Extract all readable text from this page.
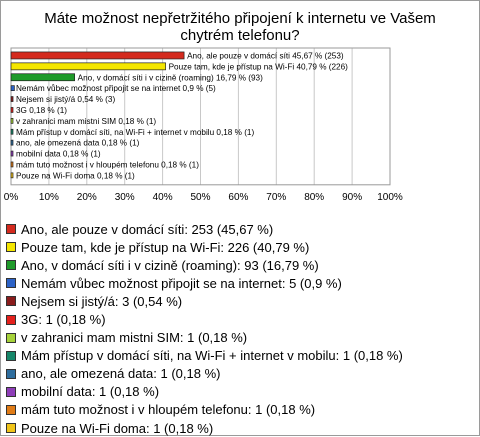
Máte možnost nepřetržitého připojení k internetu ve Vašem chytrém telefonu?
Ano, ale pouze v domácí síti 45,67 % (253)
Pouze tam, kde je přístup na Wi-Fi 40,79 % (226)
Ano, v domácí síti i v cizině (roaming) 16,79 % (93)
Nemám vůbec možnost připojit se na internet 0,9 % (5)
Nejsem si jistý/á 0,54 % (3)
3G 0,18 % (1)
v zahranici mam mistni SIM 0,18 % (1)
Mám přístup v domácí síti, na Wi-Fi + internet v mobilu 0,18 % (1)
ano, ale omezená data 0,18 % (1)
mobilní data 0,18 % (1)
mám tuto možnost i v hloupém telefonu 0,18 % (1)
Pouze na Wi-Fi doma 0,18 % (1)
0% 10% 20% 30% 40% 50% 60% 70% 80% 90% 100%
Ano, ale pouze v domácí síti: 253 (45,67 %)
Pouze tam, kde je přístup na Wi-Fi: 226 (40,79 %)
Ano, v domácí síti i v cizině (roaming): 93 (16,79 %)
Nemám vůbec možnost připojit se na internet: 5 (0,9 %)
Nejsem si jistý/á: 3 (0,54 %)
3G: 1 (0,18 %)
v zahranici mam mistni SIM: 1 (0,18 %)
Mám přístup v domácí síti, na Wi-Fi + internet v mobilu: 1 (0,18 %)
ano, ale omezená data: 1 (0,18 %)
mobilní data: 1 (0,18 %)
mám tuto možnost i v hloupém telefonu: 1 (0,18 %)
Pouze na Wi-Fi doma: 1 (0,18 %)
